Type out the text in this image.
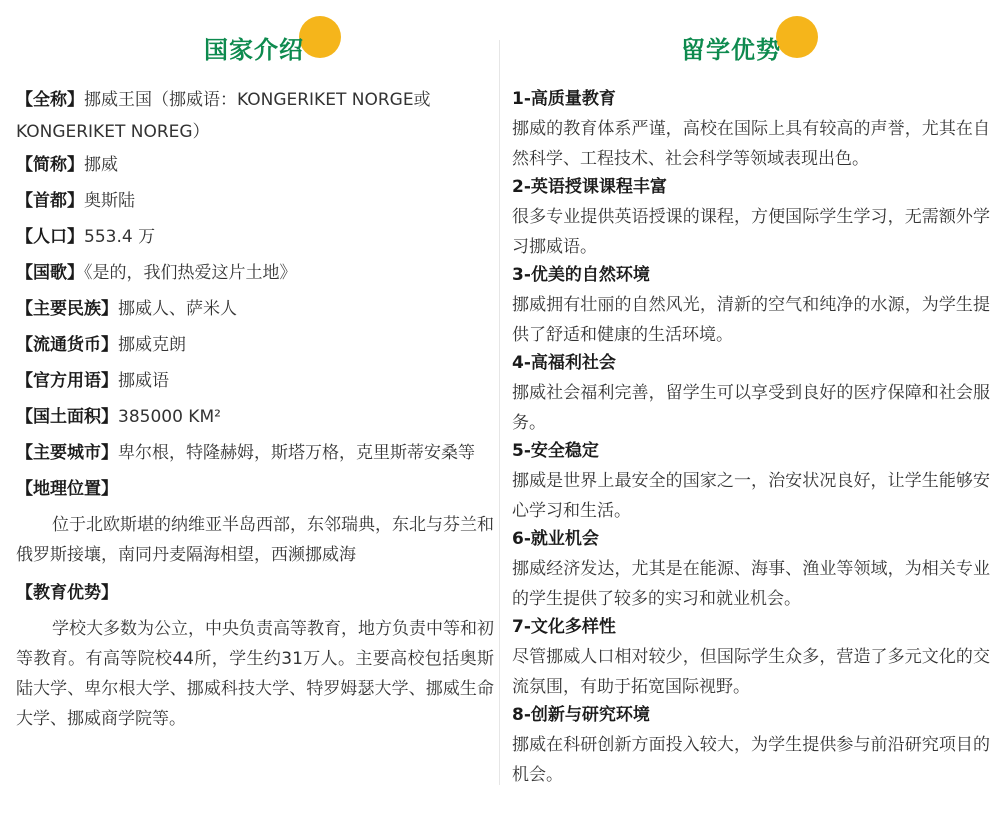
国家介绍
【全称】挪威王国（挪威语：KONGERIKET NORGE或KONGERIKET NOREG）
【简称】挪威
【首都】奥斯陆
【人口】553.4 万
【国歌】《是的，我们热爱这片土地》
【主要民族】挪威人、萨米人
【流通货币】挪威克朗
【官方用语】挪威语
【国土面积】385000 KM²
【主要城市】卑尔根，特隆赫姆，斯塔万格，克里斯蒂安桑等
【地理位置】
位于北欧斯堪的纳维亚半岛西部，东邻瑞典，东北与芬兰和俄罗斯接壤，南同丹麦隔海相望，西濒挪威海
【教育优势】
学校大多数为公立，中央负责高等教育，地方负责中等和初等教育。有高等院校44所，学生约31万人。主要高校包括奥斯陆大学、卑尔根大学、挪威科技大学、特罗姆瑟大学、挪威生命大学、挪威商学院等。
留学优势
1-高质量教育
挪威的教育体系严谨，高校在国际上具有较高的声誉，尤其在自然科学、工程技术、社会科学等领域表现出色。
2-英语授课课程丰富
很多专业提供英语授课的课程，方便国际学生学习，无需额外学习挪威语。
3-优美的自然环境
挪威拥有壮丽的自然风光，清新的空气和纯净的水源，为学生提供了舒适和健康的生活环境。
4-高福利社会
挪威社会福利完善，留学生可以享受到良好的医疗保障和社会服务。
5-安全稳定
挪威是世界上最安全的国家之一，治安状况良好，让学生能够安心学习和生活。
6-就业机会
挪威经济发达，尤其是在能源、海事、渔业等领域，为相关专业的学生提供了较多的实习和就业机会。
7-文化多样性
尽管挪威人口相对较少，但国际学生众多，营造了多元文化的交流氛围，有助于拓宽国际视野。
8-创新与研究环境
挪威在科研创新方面投入较大，为学生提供参与前沿研究项目的机会。
